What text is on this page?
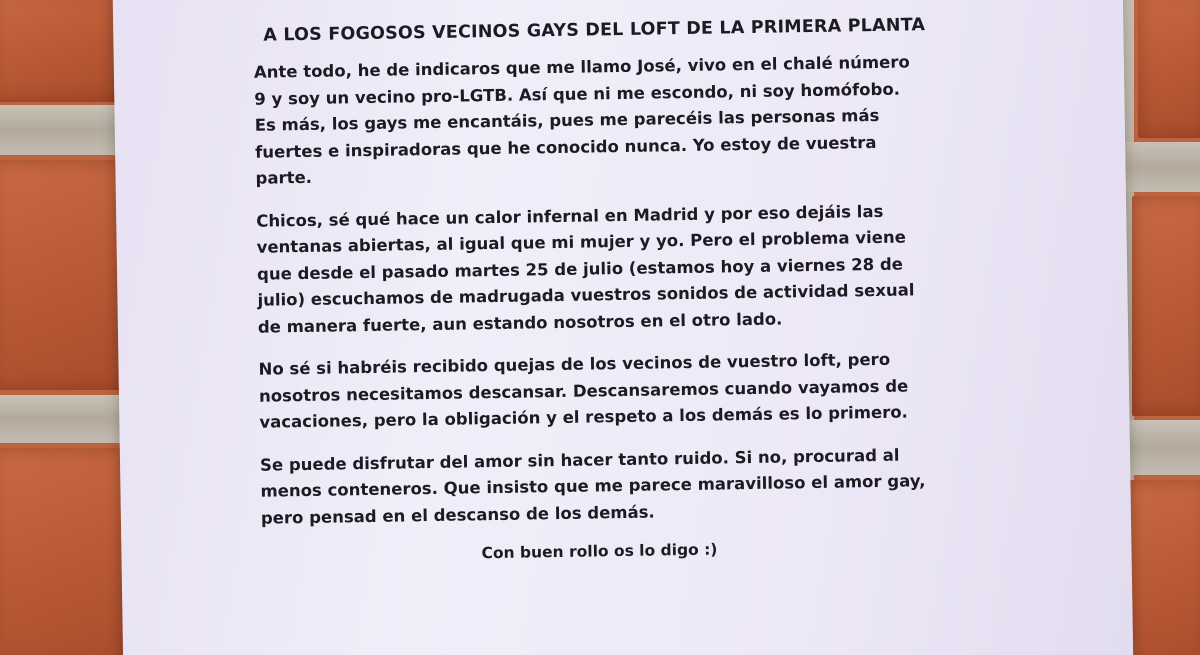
A LOS FOGOSOS VECINOS GAYS DEL LOFT DE LA PRIMERA PLANTA
Ante todo, he de indicaros que me llamo José, vivo en el chalé número
9 y soy un vecino pro-LGTB. Así que ni me escondo, ni soy homófobo.
Es más, los gays me encantáis, pues me parecéis las personas más
fuertes e inspiradoras que he conocido nunca. Yo estoy de vuestra
parte.
Chicos, sé qué hace un calor infernal en Madrid y por eso dejáis las
ventanas abiertas, al igual que mi mujer y yo. Pero el problema viene
que desde el pasado martes 25 de julio (estamos hoy a viernes 28 de
julio) escuchamos de madrugada vuestros sonidos de actividad sexual
de manera fuerte, aun estando nosotros en el otro lado.
No sé si habréis recibido quejas de los vecinos de vuestro loft, pero
nosotros necesitamos descansar. Descansaremos cuando vayamos de
vacaciones, pero la obligación y el respeto a los demás es lo primero.
Se puede disfrutar del amor sin hacer tanto ruido. Si no, procurad al
menos conteneros. Que insisto que me parece maravilloso el amor gay,
pero pensad en el descanso de los demás.
Con buen rollo os lo digo :)
